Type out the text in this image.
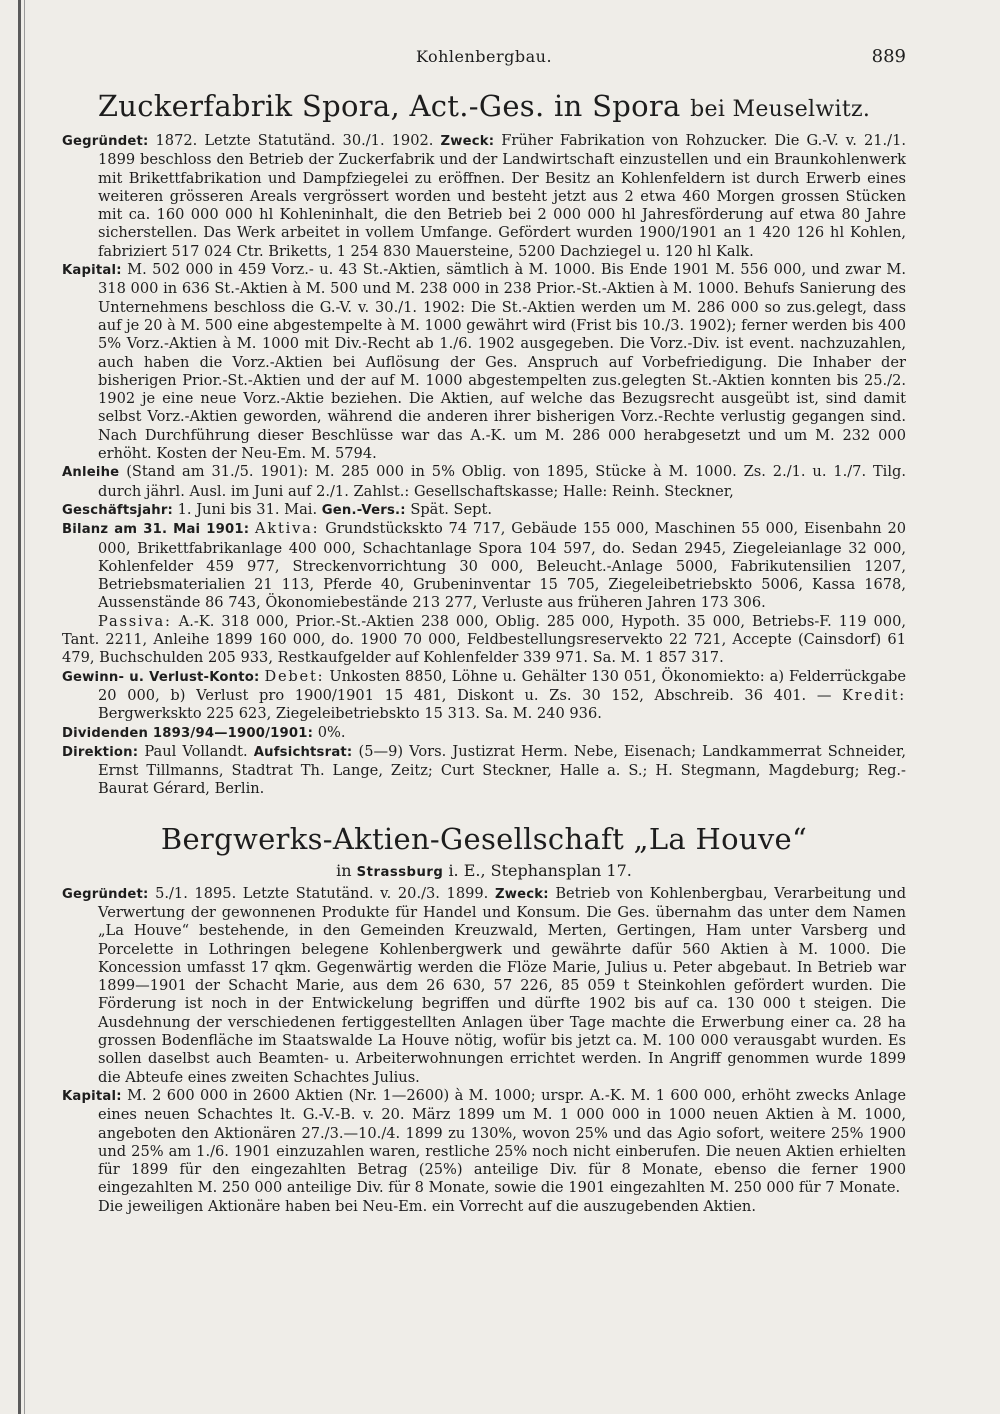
Kohlenbergbau.	889
Zuckerfabrik Spora, Act.-Ges. in Spora bei Meuselwitz.

Gegründet: 1872. Letzte Statutänd. 30./1. 1902. Zweck: Früher Fabrikation von Rohzucker. Die G.-V. v. 21./1. 1899 beschloss den Betrieb der Zuckerfabrik und der Landwirtschaft einzustellen und ein Braunkohlenwerk mit Brikettfabrikation und Dampfziegelei zu eröffnen. Der Besitz an Kohlenfeldern ist durch Erwerb eines weiteren grösseren Areals vergrössert worden und besteht jetzt aus 2 etwa 460 Morgen grossen Stücken mit ca. 160 000 000 hl Kohleninhalt, die den Betrieb bei 2 000 000 hl Jahresförderung auf etwa 80 Jahre sicherstellen. Das Werk arbeitet in vollem Umfange. Gefördert wurden 1900/1901 an 1 420 126 hl Kohlen, fabriziert 517 024 Ctr. Briketts, 1 254 830 Mauersteine, 5200 Dachziegel u. 120 hl Kalk.

Kapital: M. 502 000 in 459 Vorz.- u. 43 St.-Aktien, sämtlich à M. 1000. Bis Ende 1901 M. 556 000, und zwar M. 318 000 in 636 St.-Aktien à M. 500 und M. 238 000 in 238 Prior.-St.-Aktien à M. 1000. Behufs Sanierung des Unternehmens beschloss die G.-V. v. 30./1. 1902: Die St.-Aktien werden um M. 286 000 so zus.gelegt, dass auf je 20 à M. 500 eine abgestempelte à M. 1000 gewährt wird (Frist bis 10./3. 1902); ferner werden bis 400 5% Vorz.-Aktien à M. 1000 mit Div.-Recht ab 1./6. 1902 ausgegeben. Die Vorz.-Div. ist event. nachzuzahlen, auch haben die Vorz.-Aktien bei Auflösung der Ges. Anspruch auf Vorbefriedigung. Die Inhaber der bisherigen Prior.-St.-Aktien und der auf M. 1000 abgestempelten zus.gelegten St.-Aktien konnten bis 25./2. 1902 je eine neue Vorz.-Aktie beziehen. Die Aktien, auf welche das Bezugsrecht ausgeübt ist, sind damit selbst Vorz.-Aktien geworden, während die anderen ihrer bisherigen Vorz.-Rechte verlustig gegangen sind. Nach Durchführung dieser Beschlüsse war das A.-K. um M. 286 000 herabgesetzt und um M. 232 000 erhöht. Kosten der Neu-Em. M. 5794.

Anleihe (Stand am 31./5. 1901): M. 285 000 in 5% Oblig. von 1895, Stücke à M. 1000. Zs. 2./1. u. 1./7. Tilg. durch jährl. Ausl. im Juni auf 2./1. Zahlst.: Gesellschaftskasse; Halle: Reinh. Steckner,

Geschäftsjahr: 1. Juni bis 31. Mai. Gen.-Vers.: Spät. Sept.

Bilanz am 31. Mai 1901: Aktiva: Grundstückskto 74 717, Gebäude 155 000, Maschinen 55 000, Eisenbahn 20 000, Brikettfabrikanlage 400 000, Schachtanlage Spora 104 597, do. Sedan 2945, Ziegeleianlage 32 000, Kohlenfelder 459 977, Streckenvorrichtung 30 000, Beleucht.-Anlage 5000, Fabrikutensilien 1207, Betriebsmaterialien 21 113, Pferde 40, Grubeninventar 15 705, Ziegeleibetriebskto 5006, Kassa 1678, Aussenstände 86 743, Ökonomiebestände 213 277, Verluste aus früheren Jahren 173 306.

Passiva: A.-K. 318 000, Prior.-St.-Aktien 238 000, Oblig. 285 000, Hypoth. 35 000, Betriebs-F. 119 000, Tant. 2211, Anleihe 1899 160 000, do. 1900 70 000, Feldbestellungsreservekto 22 721, Accepte (Cainsdorf) 61 479, Buchschulden 205 933, Restkaufgelder auf Kohlenfelder 339 971. Sa. M. 1 857 317.

Gewinn- u. Verlust-Konto: Debet: Unkosten 8850, Löhne u. Gehälter 130 051, Ökonomiekto: a) Felderrückgabe 20 000, b) Verlust pro 1900/1901 15 481, Diskont u. Zs. 30 152, Abschreib. 36 401. — Kredit: Bergwerkskto 225 623, Ziegeleibetriebskto 15 313. Sa. M. 240 936.

Dividenden 1893/94—1900/1901: 0%.

Direktion: Paul Vollandt. Aufsichtsrat: (5—9) Vors. Justizrat Herm. Nebe, Eisenach; Landkammerrat Schneider, Ernst Tillmanns, Stadtrat Th. Lange, Zeitz; Curt Steckner, Halle a. S.; H. Stegmann, Magdeburg; Reg.-Baurat Gérard, Berlin.

Bergwerks-Aktien-Gesellschaft „La Houve“
in Strassburg i. E., Stephansplan 17.

Gegründet: 5./1. 1895. Letzte Statutänd. v. 20./3. 1899. Zweck: Betrieb von Kohlenbergbau, Verarbeitung und Verwertung der gewonnenen Produkte für Handel und Konsum. Die Ges. übernahm das unter dem Namen „La Houve“ bestehende, in den Gemeinden Kreuzwald, Merten, Gertingen, Ham unter Varsberg und Porcelette in Lothringen belegene Kohlenbergwerk und gewährte dafür 560 Aktien à M. 1000. Die Koncession umfasst 17 qkm. Gegenwärtig werden die Flöze Marie, Julius u. Peter abgebaut. In Betrieb war 1899—1901 der Schacht Marie, aus dem 26 630, 57 226, 85 059 t Steinkohlen gefördert wurden. Die Förderung ist noch in der Entwickelung begriffen und dürfte 1902 bis auf ca. 130 000 t steigen. Die Ausdehnung der verschiedenen fertiggestellten Anlagen über Tage machte die Erwerbung einer ca. 28 ha grossen Bodenfläche im Staatswalde La Houve nötig, wofür bis jetzt ca. M. 100 000 verausgabt wurden. Es sollen daselbst auch Beamten- u. Arbeiterwohnungen errichtet werden. In Angriff genommen wurde 1899 die Abteufe eines zweiten Schachtes Julius.

Kapital: M. 2 600 000 in 2600 Aktien (Nr. 1—2600) à M. 1000; urspr. A.-K. M. 1 600 000, erhöht zwecks Anlage eines neuen Schachtes lt. G.-V.-B. v. 20. März 1899 um M. 1 000 000 in 1000 neuen Aktien à M. 1000, angeboten den Aktionären 27./3.—10./4. 1899 zu 130%, wovon 25% und das Agio sofort, weitere 25% 1900 und 25% am 1./6. 1901 einzuzahlen waren, restliche 25% noch nicht einberufen. Die neuen Aktien erhielten für 1899 für den eingezahlten Betrag (25%) anteilige Div. für 8 Monate, ebenso die ferner 1900 eingezahlten M. 250 000 anteilige Div. für 8 Monate, sowie die 1901 eingezahlten M. 250 000 für 7 Monate.

Die jeweiligen Aktionäre haben bei Neu-Em. ein Vorrecht auf die auszugebenden Aktien.
